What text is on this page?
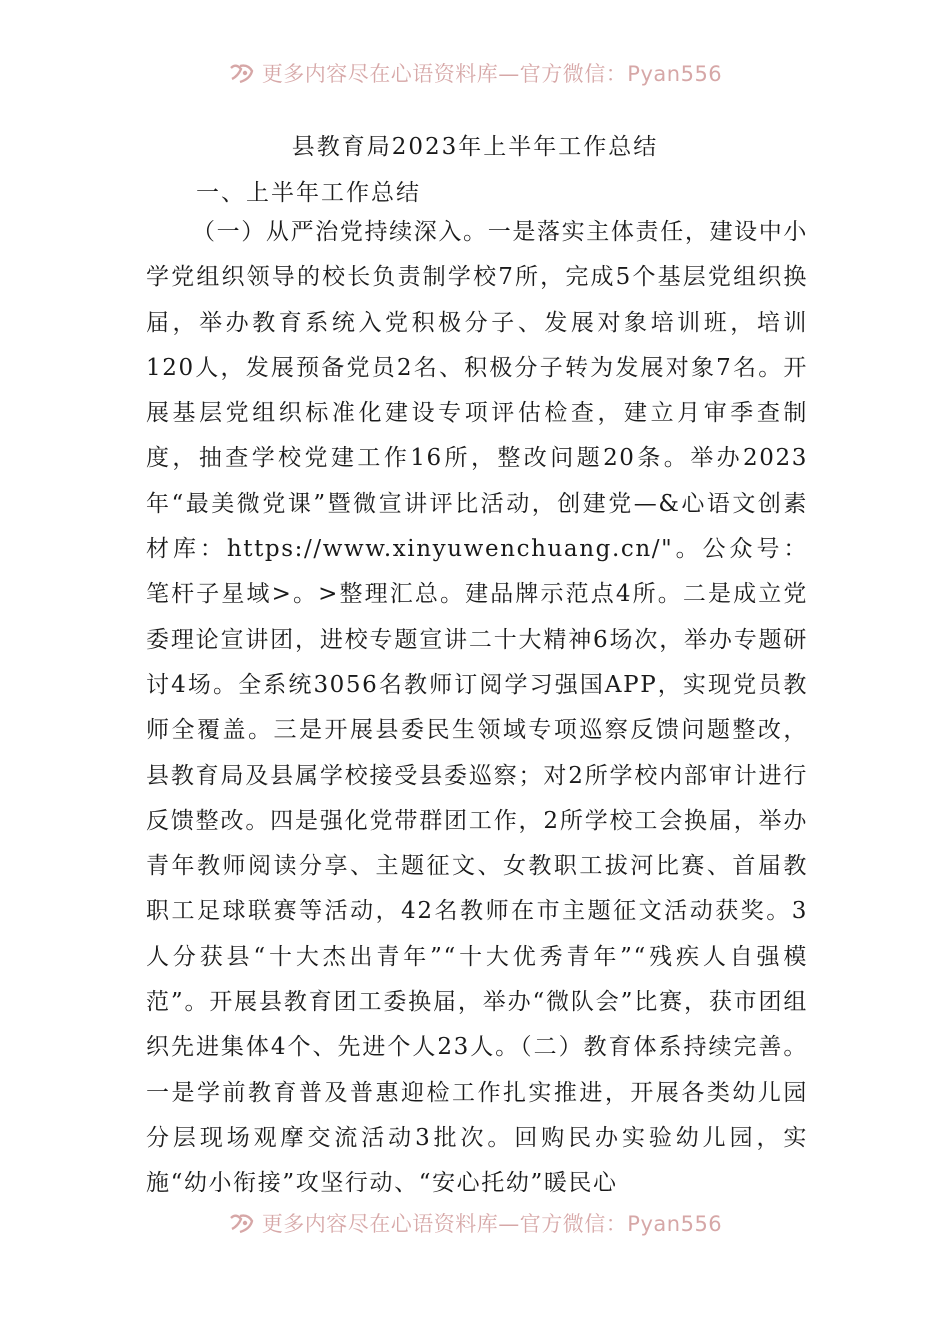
更多内容尽在心语资料库—官方微信：Pyan556
县教育局2023年上半年工作总结
一、上半年工作总结

（一）从严治党持续深入。一是落实主体责任，建设中小学党组织领导的校长负责制学校7所，完成5个基层党组织换届，举办教育系统入党积极分子、发展对象培训班，培训120人，发展预备党员2名、积极分子转为发展对象7名。开展基层党组织标准化建设专项评估检查，建立月审季查制度，抽查学校党建工作16所，整改问题20条。举办2023年“最美微党课”暨微宣讲评比活动，创建党—&心语文创素材库：https://www.xinyuwenchuang.cn/"。公众号：笔杆子星域>。>整理汇总。建品牌示范点4所。二是成立党委理论宣讲团，进校专题宣讲二十大精神6场次，举办专题研讨4场。全系统3056名教师订阅学习强国APP，实现党员教师全覆盖。三是开展县委民生领域专项巡察反馈问题整改，县教育局及县属学校接受县委巡察；对2所学校内部审计进行反馈整改。四是强化党带群团工作，2所学校工会换届，举办青年教师阅读分享、主题征文、女教职工拔河比赛、首届教职工足球联赛等活动，42名教师在市主题征文活动获奖。3人分获县“十大杰出青年”“十大优秀青年”“残疾人自强模范”。开展县教育团工委换届，举办“微队会”比赛，获市团组织先进集体4个、先进个人23人。（二）教育体系持续完善。一是学前教育普及普惠迎检工作扎实推进，开展各类幼儿园分层现场观摩交流活动3批次。回购民办实验幼儿园，实施“幼小衔接”攻坚行动、“安心托幼”暖民心

更多内容尽在心语资料库—官方微信：Pyan556
